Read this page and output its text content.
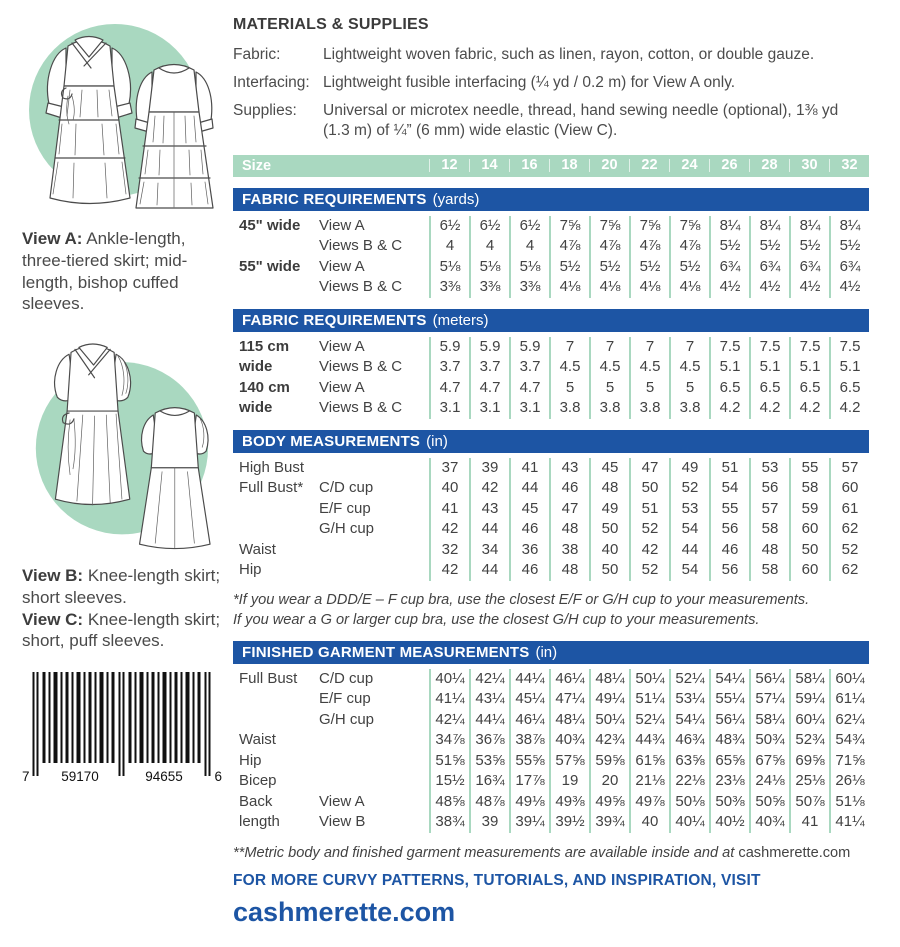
View A: Ankle-length, three-tiered skirt; mid-length, bishop cuffed sleeves.

View B: Knee-length skirt; short sleeves.
View C: Knee-length skirt; short, puff sleeves.

7	59170	94655	6
MATERIALS & SUPPLIES
Fabric:	Lightweight woven fabric, such as linen, rayon, cotton, or double gauze.
Interfacing: Lightweight fusible interfacing (¼ yd / 0.2 m) for View A only.
Supplies:	Universal or microtex needle, thread, hand sewing needle (optional), 1⅜ yd (1.3 m) of ¼” (6 mm) wide elastic (View C).
Size	12	14	16	18	20	22	24	26	28	30	32
FABRIC REQUIREMENTS (yards)
45" wide	View A	6½	6½	6½	7⅝	7⅝	7⅝	7⅝	8¼	8¼	8¼	8¼
Views B & C	4	4	4	4⅞	4⅞	4⅞	4⅞	5½	5½	5½	5½
55" wide	View A	5⅛	5⅛	5⅛	5½	5½	5½	5½	6¾	6¾	6¾	6¾
Views B & C	3⅜	3⅜	3⅜	4⅛	4⅛	4⅛	4⅛	4½	4½	4½	4½
FABRIC REQUIREMENTS (meters)
115 cm	View A	5.9	5.9	5.9	7	7	7	7	7.5	7.5	7.5	7.5
wide	Views B & C	3.7	3.7	3.7	4.5	4.5	4.5	4.5	5.1	5.1	5.1	5.1
140 cm	View A	4.7	4.7	4.7	5	5	5	5	6.5	6.5	6.5	6.5
wide	Views B & C	3.1	3.1	3.1	3.8	3.8	3.8	3.8	4.2	4.2	4.2	4.2
BODY MEASUREMENTS (in)
High Bust	37	39	41	43	45	47	49	51	53	55	57
Full Bust*	C/D cup	40	42	44	46	48	50	52	54	56	58	60
E/F cup	41	43	45	47	49	51	53	55	57	59	61
G/H cup	42	44	46	48	50	52	54	56	58	60	62
Waist	32	34	36	38	40	42	44	46	48	50	52
Hip	42	44	46	48	50	52	54	56	58	60	62

*If you wear a DDD/E – F cup bra, use the closest E/F or G/H cup to your measurements.
If you wear a G or larger cup bra, use the closest G/H cup to your measurements.

FINISHED GARMENT MEASUREMENTS (in)
Full Bust	C/D cup	40¼ 42¼ 44¼ 46¼ 48¼ 50¼ 52¼ 54¼ 56¼ 58¼ 60¼
E/F cup	41¼ 43¼ 45¼ 47¼ 49¼ 51¼ 53¼ 55¼ 57¼ 59¼ 61¼
G/H cup	42¼ 44¼ 46¼ 48¼ 50¼ 52¼ 54¼ 56¼ 58¼ 60¼ 62¼
Waist	34⅞ 36⅞ 38⅞ 40¾ 42¾ 44¾ 46¾ 48¾ 50¾ 52¾ 54¾
Hip	51⅝ 53⅝ 55⅝ 57⅝ 59⅝ 61⅝ 63⅝ 65⅝ 67⅝ 69⅝ 71⅝
Bicep	15½ 16¾ 17⅞	19	20	21⅛ 22⅛ 23⅛ 24⅛ 25⅛ 26⅛
Back	View A	48⅝ 48⅞ 49⅛ 49⅜ 49⅝ 49⅞ 50⅛ 50⅜ 50⅝ 50⅞ 51⅛
length	View B	38¾	39	39¼ 39½ 39¾	40	40¼ 40½ 40¾	41	41¼

**Metric body and finished garment measurements are available inside and at cashmerette.com

FOR MORE CURVY PATTERNS, TUTORIALS, AND INSPIRATION, VISIT

cashmerette.com
